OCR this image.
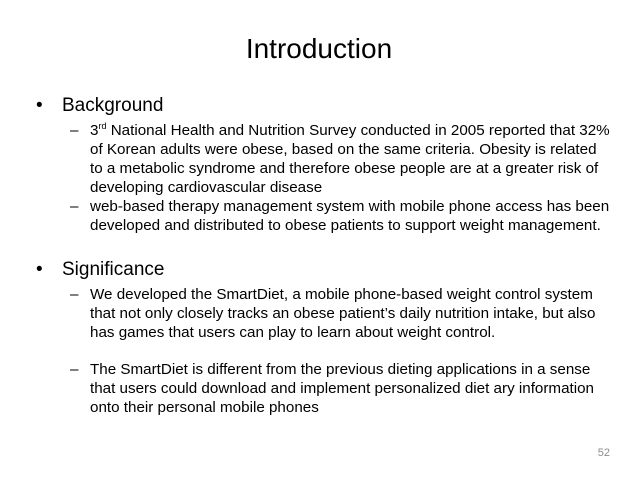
Introduction
• Background
– 3rd National Health and Nutrition Survey conducted in 2005 reported that 32% of Korean adults were obese, based on the same criteria. Obesity is related to a metabolic syndrome and therefore obese people are at a greater risk of developing cardiovascular disease
– web-based therapy management system with mobile phone access has been developed and distributed to obese patients to support weight management.
• Significance
– We developed the SmartDiet, a mobile phone-based weight control system that not only closely tracks an obese patient’s daily nutrition intake, but also has games that users can play to learn about weight control.
– The SmartDiet is different from the previous dieting applications in a sense that users could download and implement personalized diet ary information onto their personal mobile phones
52
